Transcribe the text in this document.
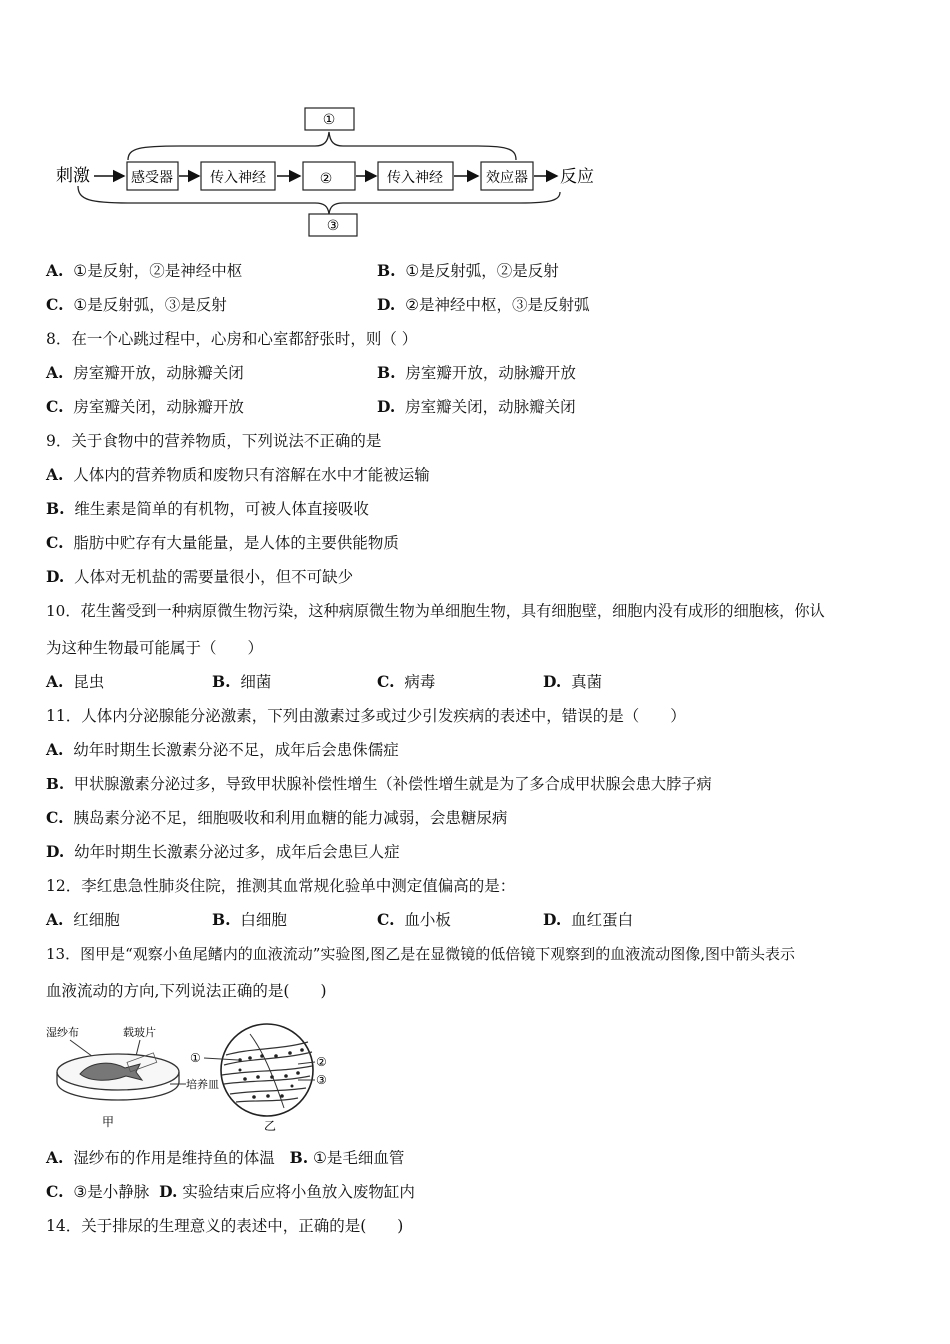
①
刺激	感受器	传入神经	②	传入神经	效应器 反应
③
A. ①是反射，②是神经中枢	B. ①是反射弧，②是反射
C. ①是反射弧，③是反射	D. ②是神经中枢，③是反射弧
8．在一个心跳过程中，心房和心室都舒张时，则（ ）
A. 房室瓣开放，动脉瓣关闭	B. 房室瓣开放，动脉瓣开放
C. 房室瓣关闭，动脉瓣开放	D. 房室瓣关闭，动脉瓣关闭
9．关于食物中的营养物质，下列说法不正确的是
A. 人体内的营养物质和废物只有溶解在水中才能被运输
B. 维生素是简单的有机物，可被人体直接吸收
C. 脂肪中贮存有大量能量，是人体的主要供能物质
D. 人体对无机盐的需要量很小，但不可缺少
10．花生酱受到一种病原微生物污染，这种病原微生物为单细胞生物，具有细胞壁，细胞内没有成形的细胞核，你认
为这种生物最可能属于（　　）
A. 昆虫	B. 细菌	C. 病毒	D. 真菌
11．人体内分泌腺能分泌激素，下列由激素过多或过少引发疾病的表述中，错误的是（　　）
A. 幼年时期生长激素分泌不足，成年后会患侏儒症
B. 甲状腺激素分泌过多，导致甲状腺补偿性增生（补偿性增生就是为了多合成甲状腺会患大脖子病
C. 胰岛素分泌不足，细胞吸收和利用血糖的能力减弱，会患糖尿病
D. 幼年时期生长激素分泌过多，成年后会患巨人症
12．李红患急性肺炎住院，推测其血常规化验单中测定值偏高的是：
A. 红细胞	B. 白细胞	C. 血小板	D. 血红蛋白
13．图甲是“观察小鱼尾鳍内的血液流动”实验图,图乙是在显微镜的低倍镜下观察到的血液流动图像,图中箭头表示
血液流动的方向,下列说法正确的是(　　)
湿纱布	载玻片
培养皿
甲
①	②
③
乙
A. 湿纱布的作用是维持鱼的体温 B. ①是毛细血管
C. ③是小静脉 D. 实验结束后应将小鱼放入废物缸内
14．关于排尿的生理意义的表述中，正确的是(　　)
